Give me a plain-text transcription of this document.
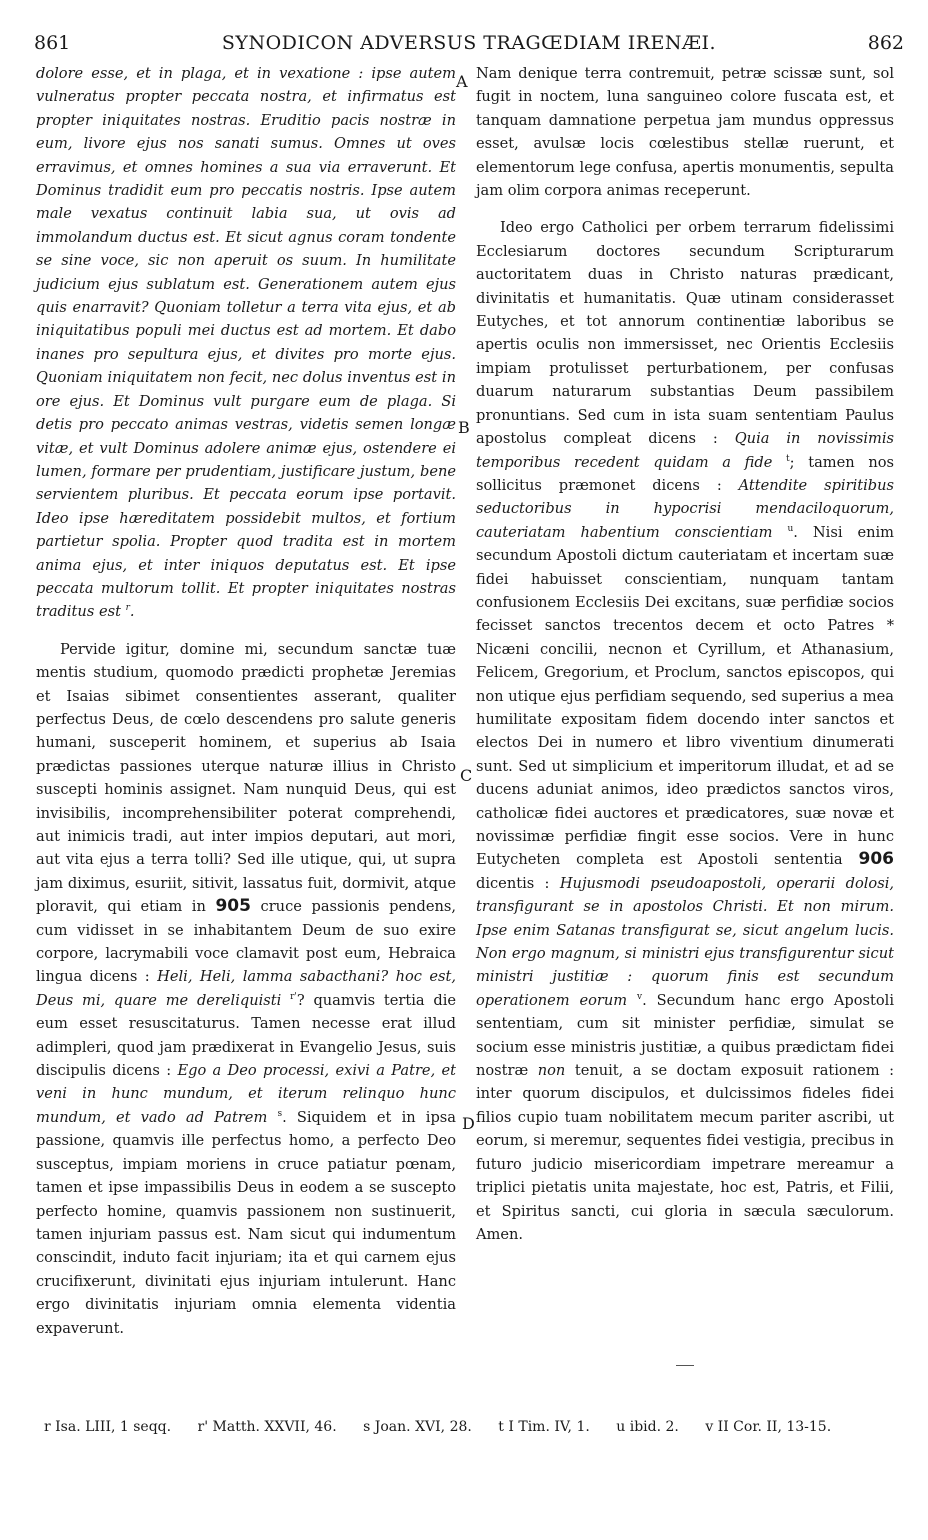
861	SYNODICON ADVERSUS TRAGŒDIAM IRENÆI.	862

dolore esse, et in plaga, et in vexatione : ipse autem vulneratus propter peccata nostra, et infirmatus est propter iniquitates nostras. Eruditio pacis nostræ in eum, livore ejus nos sanati sumus. Omnes ut oves erravimus, et omnes homines a sua via erraverunt. Et Dominus tradidit eum pro peccatis nostris. Ipse autem male vexatus continuit labia sua, ut ovis ad immolandum ductus est. Et sicut agnus coram tondente se sine voce, sic non aperuit os suum. In humilitate judicium ejus sublatum est. Generationem autem ejus quis enarravit? Quoniam tolletur a terra vita ejus, et ab iniquitatibus populi mei ductus est ad mortem. Et dabo inanes pro sepultura ejus, et divites pro morte ejus. Quoniam iniquitatem non fecit, nec dolus inventus est in ore ejus. Et Dominus vult purgare eum de plaga. Si detis pro peccato animas vestras, videtis semen longæ vitæ, et vult Dominus adolere animæ ejus, ostendere ei lumen, formare per prudentiam, justificare justum, bene servientem pluribus. Et peccata eorum ipse portavit. Ideo ipse hæreditatem possidebit multos, et fortium partietur spolia. Propter quod tradita est in mortem anima ejus, et inter iniquos deputatus est. Et ipse peccata multorum tollit. Et propter iniquitates nostras traditus est $^r$.

Pervide igitur, domine mi, secundum sanctæ tuæ mentis studium, quomodo prædicti prophetæ Jeremias et Isaias sibimet consentientes asserant, qualiter perfectus Deus, de cœlo descendens pro salute generis humani, susceperit hominem, et superius ab Isaia prædictas passiones uterque naturæ illius in Christo suscepti hominis assignet. Nam nunquid Deus, qui est invisibilis, incomprehensibiliter poterat comprehendi, aut inimicis tradi, aut inter impios deputari, aut mori, aut vita ejus a terra tolli? Sed ille utique, qui, ut supra jam diximus, esuriit, sitivit, lassatus fuit, dormivit, atque ploravit, qui etiam in 905 cruce passionis pendens, cum vidisset in se inhabitantem Deum de suo exire corpore, lacrymabili voce clamavit post eum, Hebraica lingua dicens : Heli, Heli, lamma sabacthani? hoc est, Deus mi, quare me dereliquisti $^{r'}$? quamvis tertia die eum esset resuscitaturus. Tamen necesse erat illud adimpleri, quod jam prædixerat in Evangelio Jesus, suis discipulis dicens : Ego a Deo processi, exivi a Patre, et veni in hunc mundum, et iterum relinquo hunc mundum, et vado ad Patrem $^s$. Siquidem et in ipsa passione, quamvis ille perfectus homo, a perfecto Deo susceptus, impiam moriens in cruce patiatur pœnam, tamen et ipse impassibilis Deus in eodem a se suscepto perfecto homine, quamvis passionem non sustinuerit, tamen injuriam passus est. Nam sicut qui indumentum conscindit, induto facit injuriam; ita et qui carnem ejus crucifixerunt, divinitati ejus injuriam intulerunt. Hanc ergo divinitatis injuriam omnia elementa videntia expaverunt.

Nam denique terra contremuit, petræ scissæ sunt, sol fugit in noctem, luna sanguineo colore fuscata est, et tanquam damnatione perpetua jam mundus oppressus esset, avulsæ locis cœlestibus stellæ ruerunt, et elementorum lege confusa, apertis monumentis, sepulta jam olim corpora animas receperunt.

Ideo ergo Catholici per orbem terrarum fidelissimi Ecclesiarum doctores secundum Scripturarum auctoritatem duas in Christo naturas prædicant, divinitatis et humanitatis. Quæ utinam considerasset Eutyches, et tot annorum continentiæ laboribus se apertis oculis non immersisset, nec Orientis Ecclesiis impiam protulisset perturbationem, per confusas duarum naturarum substantias Deum passibilem pronuntians. Sed cum in ista suam sententiam Paulus apostolus compleat dicens : Quia in novissimis temporibus recedent quidam a fide $^t$; tamen nos sollicitus præmonet dicens : Attendite spiritibus seductoribus in hypocrisi mendaciloquorum, cauteriatam habentium conscientiam $^u$. Nisi enim secundum Apostoli dictum cauteriatam et incertam suæ fidei habuisset conscientiam, nunquam tantam confusionem Ecclesiis Dei excitans, suæ perfidiæ socios fecisset sanctos trecentos decem et octo Patres * Nicæni concilii, necnon et Cyrillum, et Athanasium, Felicem, Gregorium, et Proclum, sanctos episcopos, qui non utique ejus perfidiam sequendo, sed superius a mea humilitate expositam fidem docendo inter sanctos et electos Dei in numero et libro viventium dinumerati sunt. Sed ut simplicium et imperitorum illudat, et ad se ducens aduniat animos, ideo prædictos sanctos viros, catholicæ fidei auctores et prædicatores, suæ novæ et novissimæ perfidiæ fingit esse socios. Vere in hunc Eutycheten completa est Apostoli sententia 906 dicentis : Hujusmodi pseudoapostoli, operarii dolosi, transfigurant se in apostolos Christi. Et non mirum. Ipse enim Satanas transfigurat se, sicut angelum lucis. Non ergo magnum, si ministri ejus transfigurentur sicut ministri justitiæ : quorum finis est secundum operationem eorum $^v$. Secundum hanc ergo Apostoli sententiam, cum sit minister perfidiæ, simulat se socium esse ministris justitiæ, a quibus prædictam fidei nostræ non tenuit, a se doctam exposuit rationem : inter quorum discipulos, et dulcissimos fideles fidei filios cupio tuam nobilitatem mecum pariter ascribi, ut eorum, si meremur, sequentes fidei vestigia, precibus in futuro judicio misericordiam impetrare mereamur a triplici pietatis unita majestate, hoc est, Patris, et Filii, et Spiritus sancti, cui gloria in sæcula sæculorum. Amen.

A
B
C
D
r Isa. LIII, 1 seqq. r' Matth. XXVII, 46. s Joan. XVI, 28. t I Tim. IV, 1. u ibid. 2. v II Cor. II, 13-15.
